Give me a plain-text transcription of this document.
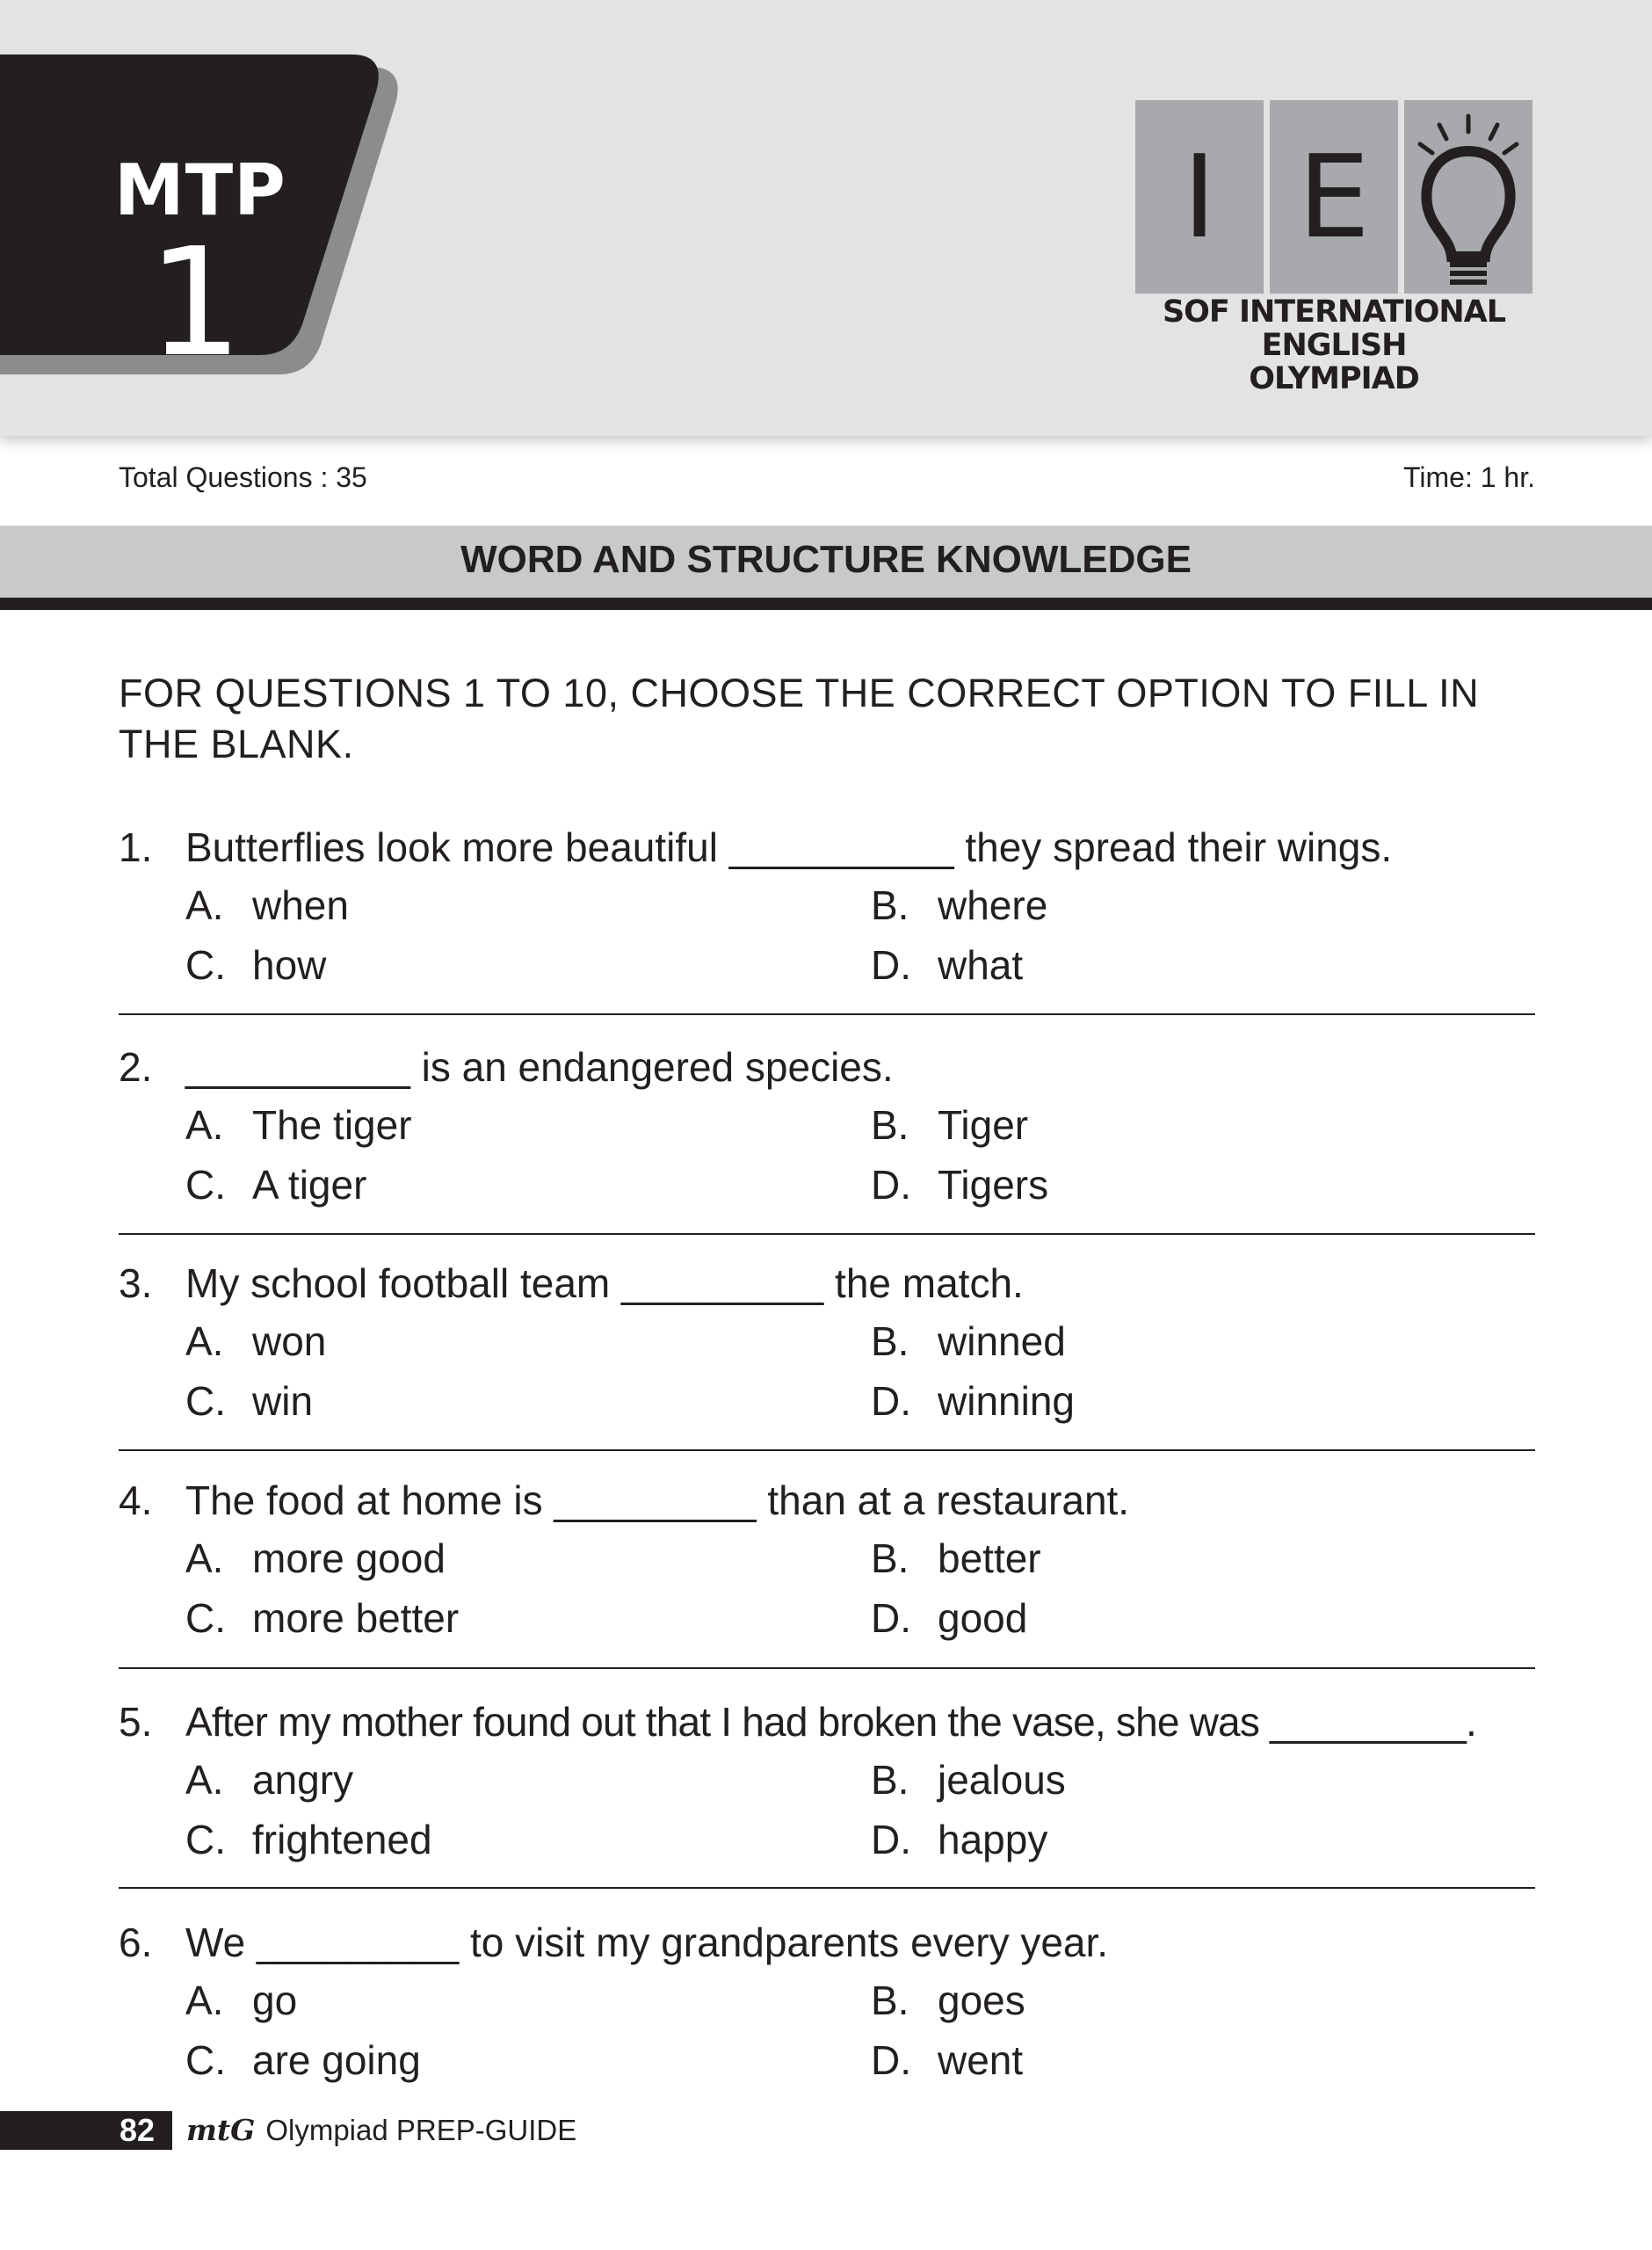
MTP
1
I E
SOF INTERNATIONAL ENGLISH
OLYMPIAD
Total Questions : 35	Time: 1 hr.
WORD AND STRUCTURE KNOWLEDGE
FOR QUESTIONS 1 TO 10, CHOOSE THE CORRECT OPTION TO FILL IN THE BLANK.
1. Butterflies look more beautiful __________ they spread their wings.
A. when	B. where
C. how	D. what
2. __________ is an endangered species.
A. The tiger	B. Tiger
C. A tiger	D. Tigers
3. My school football team _________ the match.
A. won	B. winned
C. win	D. winning
4. The food at home is _________ than at a restaurant.
A. more good	B. better
C. more better	D. good
5. After my mother found out that I had broken the vase, she was _________.
A. angry	B. jealous
C. frightened	D. happy
6. We _________ to visit my grandparents every year.
A. go	B. goes
C. are going	D. went
82	mtG Olympiad PREP-GUIDE
